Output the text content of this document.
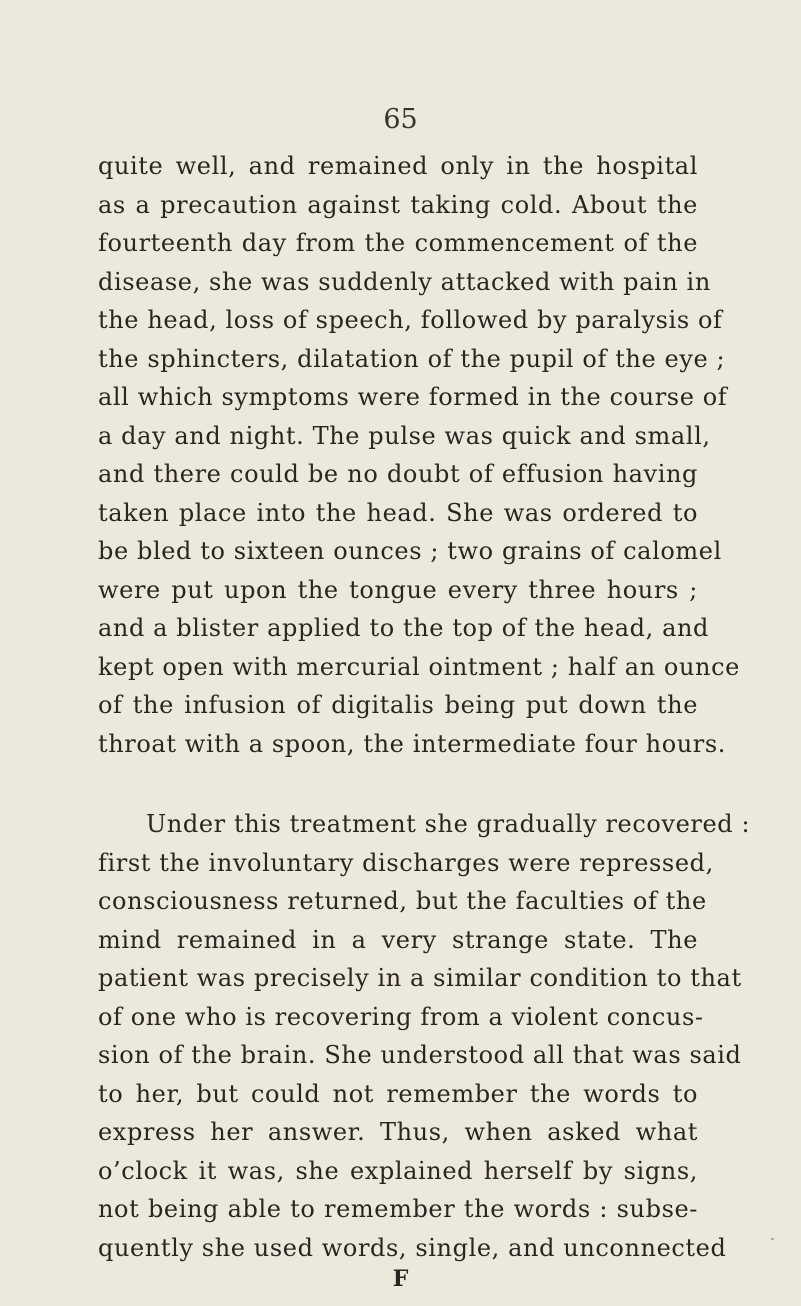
65
quite well, and remained only in the hospital
as a precaution against taking cold. About the
fourteenth day from the commencement of the
disease, she was suddenly attacked with pain in
the head, loss of speech, followed by paralysis of
the sphincters, dilatation of the pupil of the eye ;
all which symptoms were formed in the course of
a day and night. The pulse was quick and small,
and there could be no doubt of effusion having
taken place into the head. She was ordered to
be bled to sixteen ounces ; two grains of calomel
were put upon the tongue every three hours ;
and a blister applied to the top of the head, and
kept open with mercurial ointment ; half an ounce
of the infusion of digitalis being put down the
throat with a spoon, the intermediate four hours.
Under this treatment she gradually recovered :
first the involuntary discharges were repressed,
consciousness returned, but the faculties of the
mind remained in a very strange state. The
patient was precisely in a similar condition to that
of one who is recovering from a violent concus-
sion of the brain. She understood all that was said
to her, but could not remember the words to
express her answer. Thus, when asked what
o’clock it was, she explained herself by signs,
not being able to remember the words : subse-
quently she used words, single, and unconnected
F
